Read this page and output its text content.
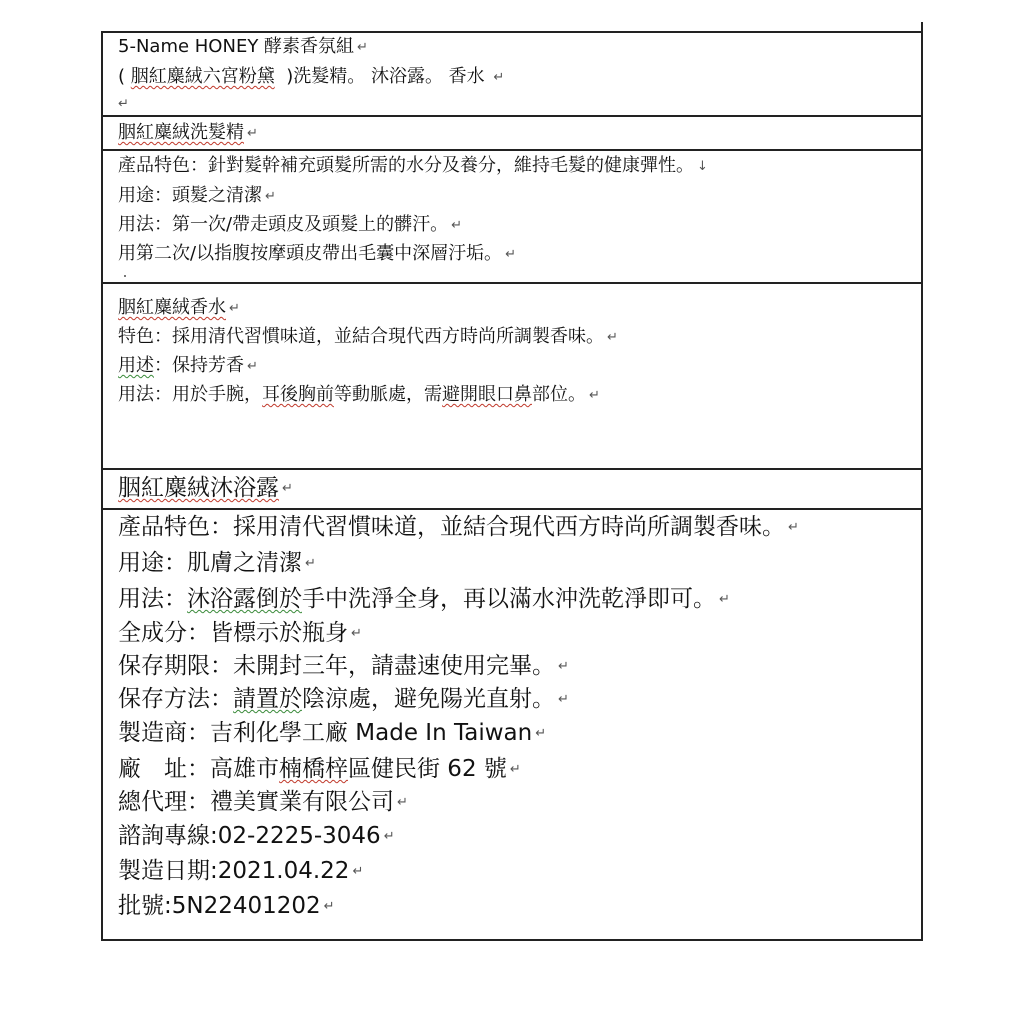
5-Name HONEY 酵素香氛組 ↵
( 胭紅麋絨六宮粉黛 )洗髮精。 沐浴露。 香水 ↵
↵
胭紅麋絨洗髮精 ↵
產品特色：針對髮幹補充頭髮所需的水分及養分，維持毛髮的健康彈性。 ↓
用途：頭髮之清潔 ↵
用法：第一次/帶走頭皮及頭髮上的髒汗。 ↵
用第二次/以指腹按摩頭皮帶出毛囊中深層汙垢。 ↵
胭紅麋絨香水 ↵
特色：採用清代習慣味道，並結合現代西方時尚所調製香味。 ↵
用述：保持芳香 ↵
用法：用於手腕，耳後胸前等動脈處，需避開眼口鼻部位。 ↵
胭紅麋絨沐浴露 ↵
產品特色：採用清代習慣味道，並結合現代西方時尚所調製香味。 ↵
用途：肌膚之清潔 ↵
用法：沐浴露倒於手中洗淨全身，再以滿水沖洗乾淨即可。 ↵
全成分：皆標示於瓶身 ↵
保存期限：未開封三年，請盡速使用完畢。 ↵
保存方法：請置於陰涼處，避免陽光直射。 ↵
製造商：吉利化學工廠 Made In Taiwan ↵
廠　址：高雄市楠橋梓區健民街 62 號 ↵
總代理：禮美實業有限公司 ↵
諮詢專線:02-2225-3046 ↵
製造日期:2021.04.22 ↵
批號:5N22401202 ↵
